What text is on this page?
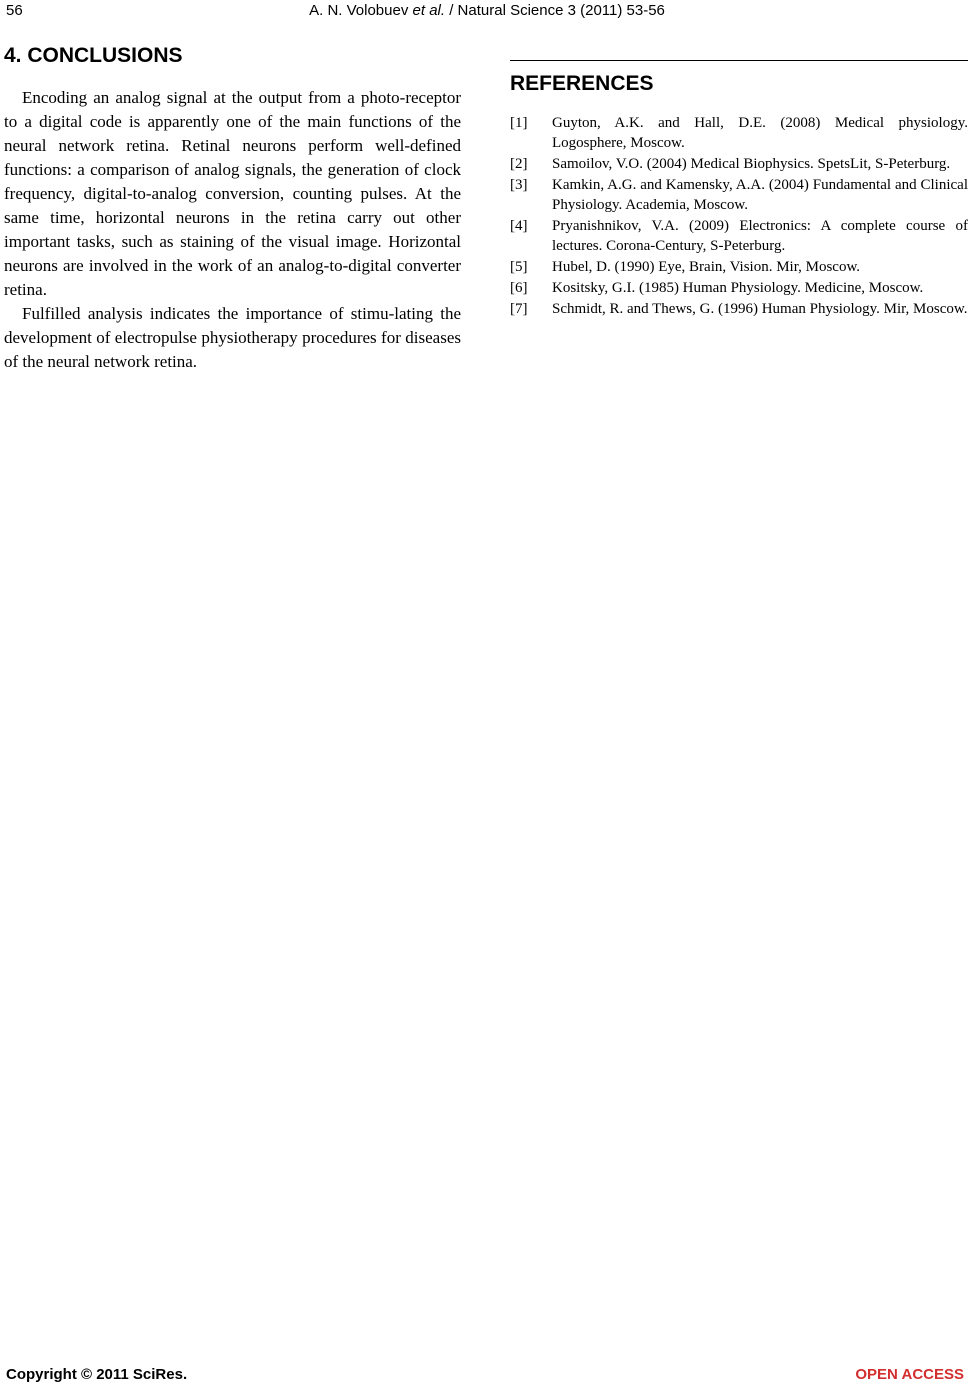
56	A. N. Volobuev et al. / Natural Science 3 (2011) 53-56
4. CONCLUSIONS

Encoding an analog signal at the output from a photo-receptor to a digital code is apparently one of the main functions of the neural network retina. Retinal neurons perform well-defined functions: a comparison of analog signals, the generation of clock frequency, digital-to-analog conversion, counting pulses. At the same time, horizontal neurons in the retina carry out other important tasks, such as staining of the visual image. Horizontal neurons are involved in the work of an analog-to-digital converter retina.

Fulfilled analysis indicates the importance of stimu-lating the development of electropulse physiotherapy procedures for diseases of the neural network retina.

REFERENCES
[1]	Guyton, A.K. and Hall, D.E. (2008) Medical physiology. Logosphere, Moscow.
[2]	Samoilov, V.O. (2004) Medical Biophysics. SpetsLit, S-Peterburg.
[3]	Kamkin, A.G. and Kamensky, A.A. (2004) Fundamental and Clinical Physiology. Academia, Moscow.
[4]	Pryanishnikov, V.A. (2009) Electronics: A complete course of lectures. Corona-Century, S-Peterburg.
[5]	Hubel, D. (1990) Eye, Brain, Vision. Mir, Moscow.
[6]	Kositsky, G.I. (1985) Human Physiology. Medicine, Moscow.
[7]	Schmidt, R. and Thews, G. (1996) Human Physiology. Mir, Moscow.
Copyright © 2011 SciRes.	OPEN ACCESS
